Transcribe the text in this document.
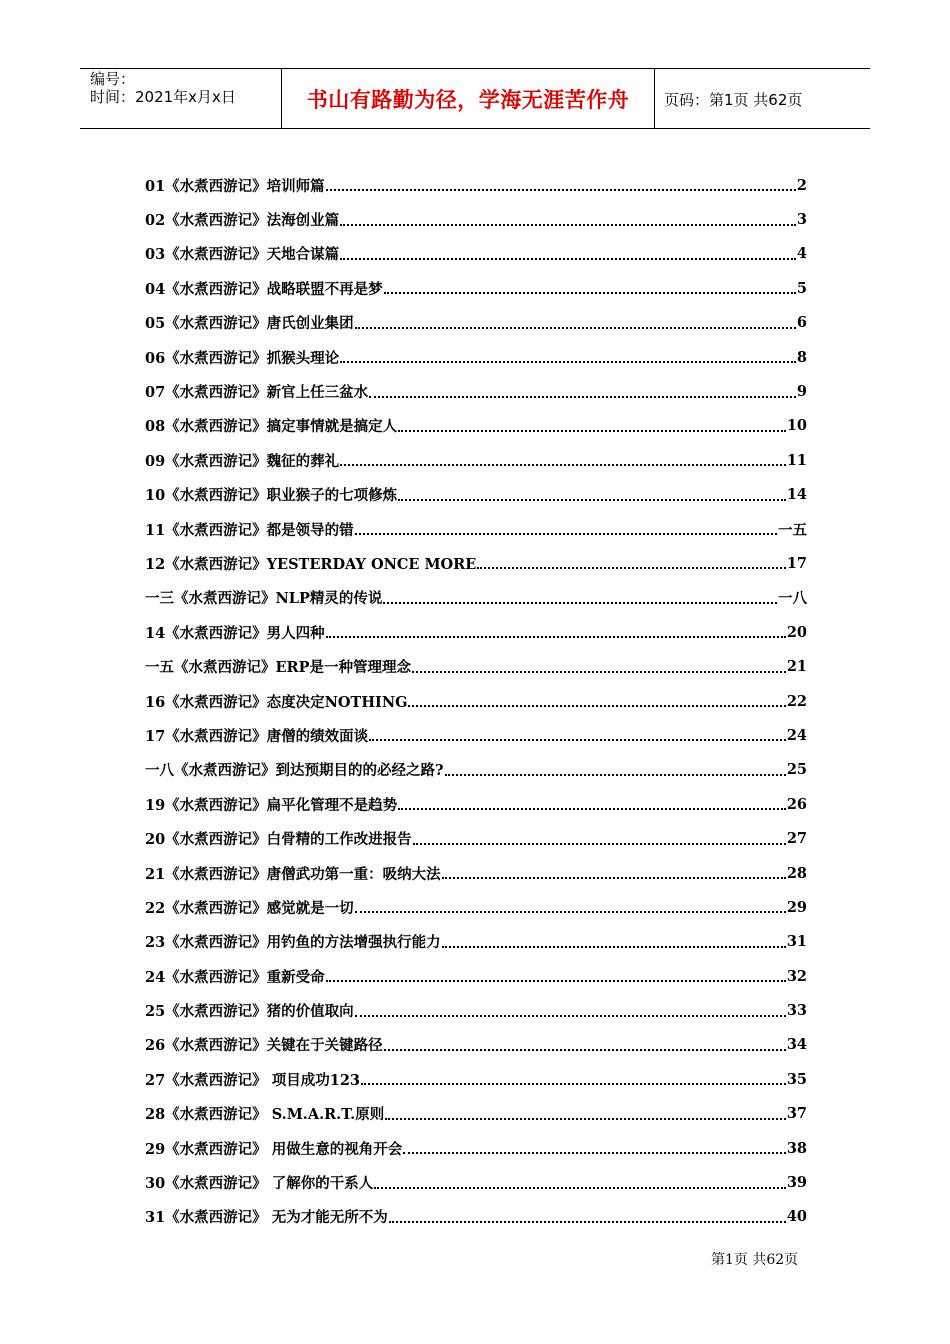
编号：
时间：2021年x月x日	书山有路勤为径，学海无涯苦作舟	页码：第1页 共62页
01《水煮西游记》培训师篇	2
02《水煮西游记》法海创业篇	3
03《水煮西游记》天地合谋篇	4
04《水煮西游记》战略联盟不再是梦	5
05《水煮西游记》唐氏创业集团	6
06《水煮西游记》抓猴头理论	8
07《水煮西游记》新官上任三盆水	9
08《水煮西游记》搞定事情就是搞定人	10
09《水煮西游记》魏征的葬礼	11
10《水煮西游记》职业猴子的七项修炼	14
11《水煮西游记》都是领导的错	一五
12《水煮西游记》YESTERDAY ONCE MORE	17
一三《水煮西游记》NLP精灵的传说	一八
14《水煮西游记》男人四种	20
一五《水煮西游记》ERP是一种管理理念	21
16《水煮西游记》态度决定NOTHING	22
17《水煮西游记》唐僧的绩效面谈	24
一八《水煮西游记》到达预期目的的必经之路?	25
19《水煮西游记》扁平化管理不是趋势	26
20《水煮西游记》白骨精的工作改进报告	27
21《水煮西游记》唐僧武功第一重：吸纳大法	28
22《水煮西游记》感觉就是一切	29
23《水煮西游记》用钓鱼的方法增强执行能力	31
24《水煮西游记》重新受命	32
25《水煮西游记》猪的价值取向	33
26《水煮西游记》关键在于关键路径	34
27《水煮西游记》 项目成功123	35
28《水煮西游记》 S.M.A.R.T.原则	37
29《水煮西游记》 用做生意的视角开会	38
30《水煮西游记》 了解你的干系人	39
31《水煮西游记》 无为才能无所不为	40
第1页 共62页
